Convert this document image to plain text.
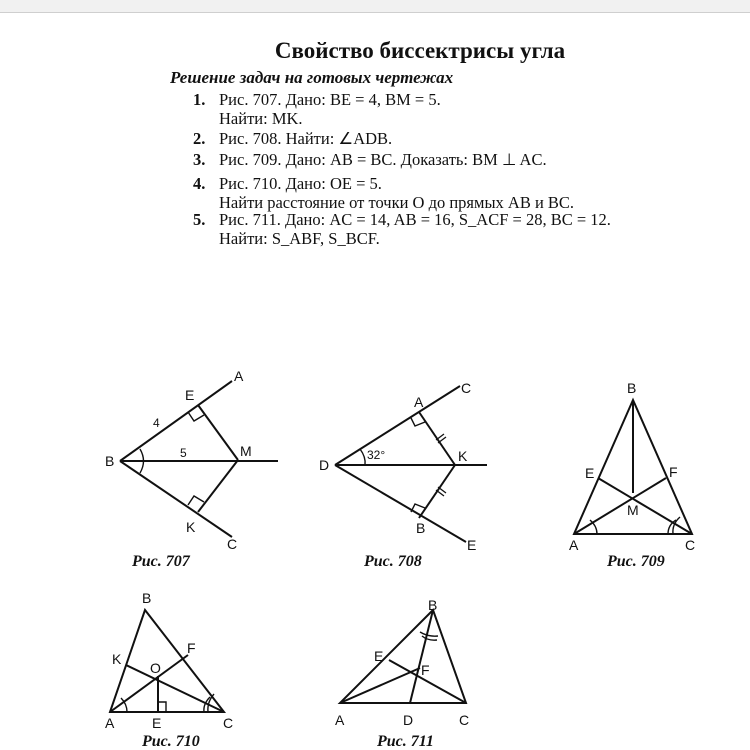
Свойство биссектрисы угла
Решение задач на готовых чертежах
1. Рис. 707. Дано: BE = 4, BM = 5.
Найти: MK.
2. Рис. 708. Найти: ∠ADB.
3. Рис. 709. Дано: AB = BC. Доказать: BM ⊥ AC.
4. Рис. 710. Дано: OE = 5.
Найти расстояние от точки O до прямых AB и BC.
5. Рис. 711. Дано: AC = 14, AB = 16, S_ACF = 28, BC = 12.
Найти: S_ABF, S_BCF.
A
E
B
M
K
C
4
5
Рис. 707
C
A
D
K
B
E
32°
Рис. 708
B
E	F
M
A	C
Рис. 709
B
K
F
O
A	E	C
Рис. 710
B
E
F
A	D	C
Рис. 711
